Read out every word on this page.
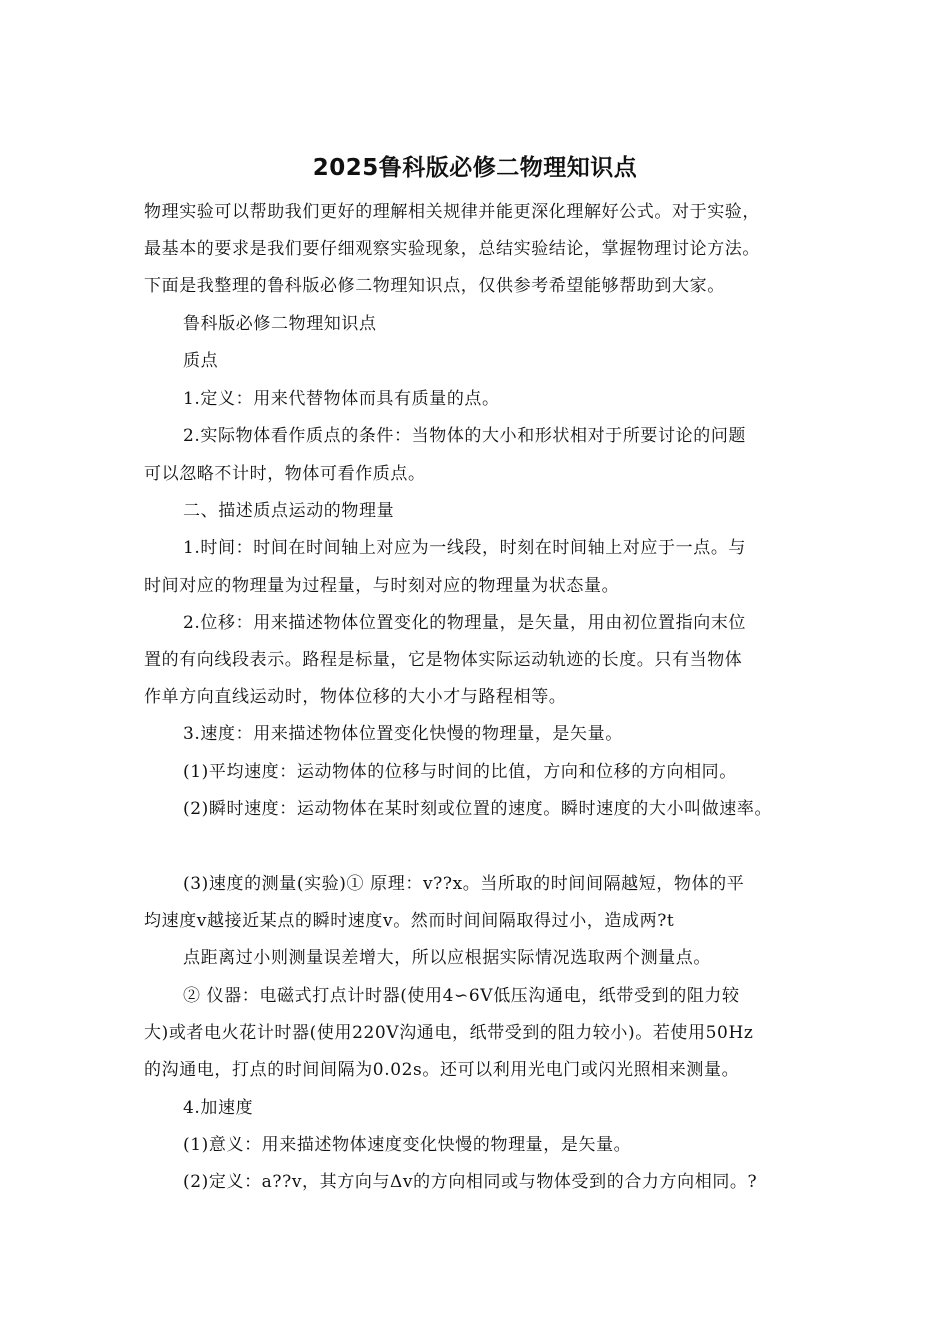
2025鲁科版必修二物理知识点
物理实验可以帮助我们更好的理解相关规律并能更深化理解好公式。对于实验，
最基本的要求是我们要仔细观察实验现象，总结实验结论，掌握物理讨论方法。
下面是我整理的鲁科版必修二物理知识点，仅供参考希望能够帮助到大家。
鲁科版必修二物理知识点
质点
1.定义：用来代替物体而具有质量的点。
2.实际物体看作质点的条件：当物体的大小和形状相对于所要讨论的问题
可以忽略不计时，物体可看作质点。
二、描述质点运动的物理量
1.时间：时间在时间轴上对应为一线段，时刻在时间轴上对应于一点。与
时间对应的物理量为过程量，与时刻对应的物理量为状态量。
2.位移：用来描述物体位置变化的物理量，是矢量，用由初位置指向末位
置的有向线段表示。路程是标量，它是物体实际运动轨迹的长度。只有当物体
作单方向直线运动时，物体位移的大小才与路程相等。
3.速度：用来描述物体位置变化快慢的物理量，是矢量。
(1)平均速度：运动物体的位移与时间的比值，方向和位移的方向相同。
(2)瞬时速度：运动物体在某时刻或位置的速度。瞬时速度的大小叫做速率。
(3)速度的测量(实验)① 原理：v??x。当所取的时间间隔越短，物体的平
均速度v越接近某点的瞬时速度v。然而时间间隔取得过小，造成两?t
点距离过小则测量误差增大，所以应根据实际情况选取两个测量点。
② 仪器：电磁式打点计时器(使用4∽6V低压沟通电，纸带受到的阻力较
大)或者电火花计时器(使用220V沟通电，纸带受到的阻力较小)。若使用50Hz
的沟通电，打点的时间间隔为0.02s。还可以利用光电门或闪光照相来测量。
4.加速度
(1)意义：用来描述物体速度变化快慢的物理量，是矢量。
(2)定义：a??v，其方向与Δv的方向相同或与物体受到的合力方向相同。?
